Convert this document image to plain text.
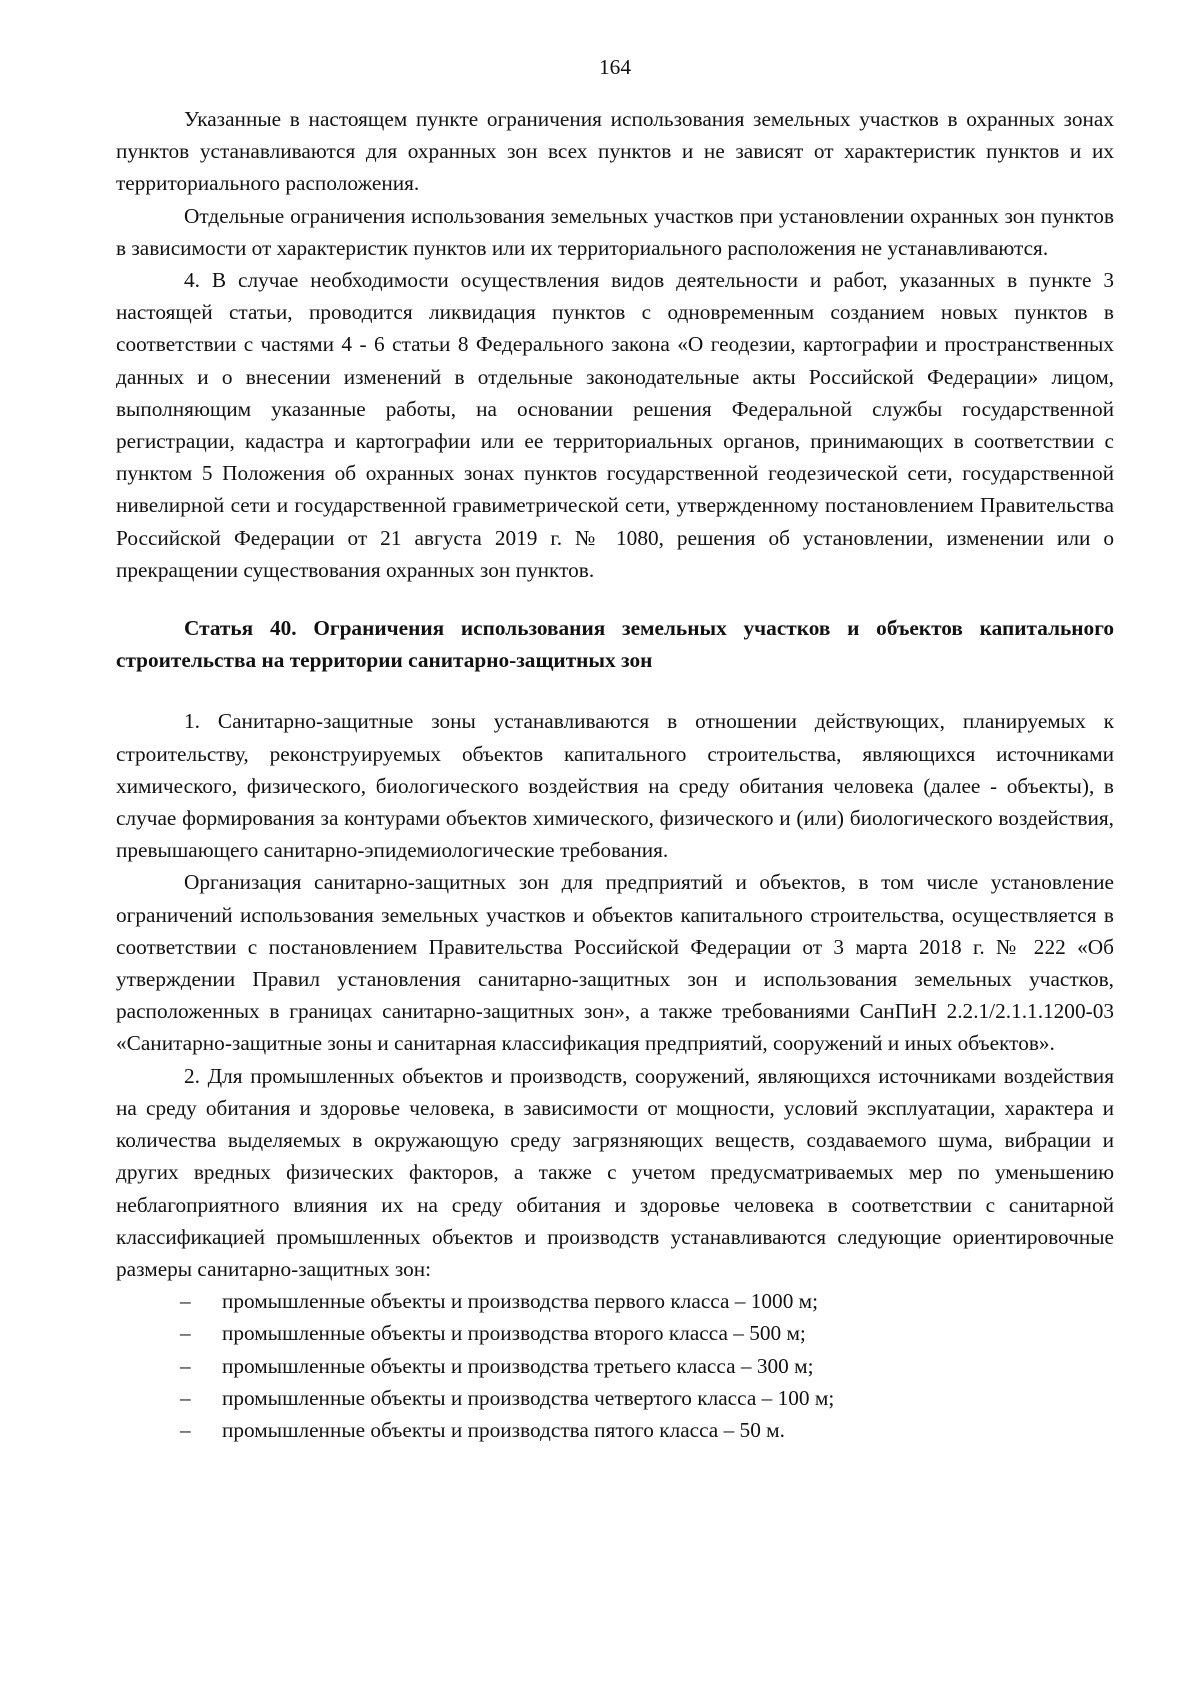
164

Указанные в настоящем пункте ограничения использования земельных участков в охранных зонах пунктов устанавливаются для охранных зон всех пунктов и не зависят от характеристик пунктов и их территориального расположения.

Отдельные ограничения использования земельных участков при установлении охранных зон пунктов в зависимости от характеристик пунктов или их территориального расположения не устанавливаются.

4. В случае необходимости осуществления видов деятельности и работ, указанных в пункте 3 настоящей статьи, проводится ликвидация пунктов с одновременным созданием новых пунктов в соответствии с частями 4 - 6 статьи 8 Федерального закона «О геодезии, картографии и пространственных данных и о внесении изменений в отдельные законодательные акты Российской Федерации» лицом, выполняющим указанные работы, на основании решения Федеральной службы государственной регистрации, кадастра и картографии или ее территориальных органов, принимающих в соответствии с пунктом 5 Положения об охранных зонах пунктов государственной геодезической сети, государственной нивелирной сети и государственной гравиметрической сети, утвержденному постановлением Правительства Российской Федерации от 21 августа 2019 г. № 1080, решения об установлении, изменении или о прекращении существования охранных зон пунктов.

Статья 40. Ограничения использования земельных участков и объектов капитального строительства на территории санитарно-защитных зон

1. Санитарно-защитные зоны устанавливаются в отношении действующих, планируемых к строительству, реконструируемых объектов капитального строительства, являющихся источниками химического, физического, биологического воздействия на среду обитания человека (далее - объекты), в случае формирования за контурами объектов химического, физического и (или) биологического воздействия, превышающего санитарно-эпидемиологические требования.

Организация санитарно-защитных зон для предприятий и объектов, в том числе установление ограничений использования земельных участков и объектов капитального строительства, осуществляется в соответствии с постановлением Правительства Российской Федерации от 3 марта 2018 г. № 222 «Об утверждении Правил установления санитарно-защитных зон и использования земельных участков, расположенных в границах санитарно-защитных зон», а также требованиями СанПиН 2.2.1/2.1.1.1200-03 «Санитарно-защитные зоны и санитарная классификация предприятий, сооружений и иных объектов».

2. Для промышленных объектов и производств, сооружений, являющихся источниками воздействия на среду обитания и здоровье человека, в зависимости от мощности, условий эксплуатации, характера и количества выделяемых в окружающую среду загрязняющих веществ, создаваемого шума, вибрации и других вредных физических факторов, а также с учетом предусматриваемых мер по уменьшению неблагоприятного влияния их на среду обитания и здоровье человека в соответствии с санитарной классификацией промышленных объектов и производств устанавливаются следующие ориентировочные размеры санитарно-защитных зон:

– промышленные объекты и производства первого класса – 1000 м;
– промышленные объекты и производства второго класса – 500 м;
– промышленные объекты и производства третьего класса – 300 м;
– промышленные объекты и производства четвертого класса – 100 м;
– промышленные объекты и производства пятого класса – 50 м.
